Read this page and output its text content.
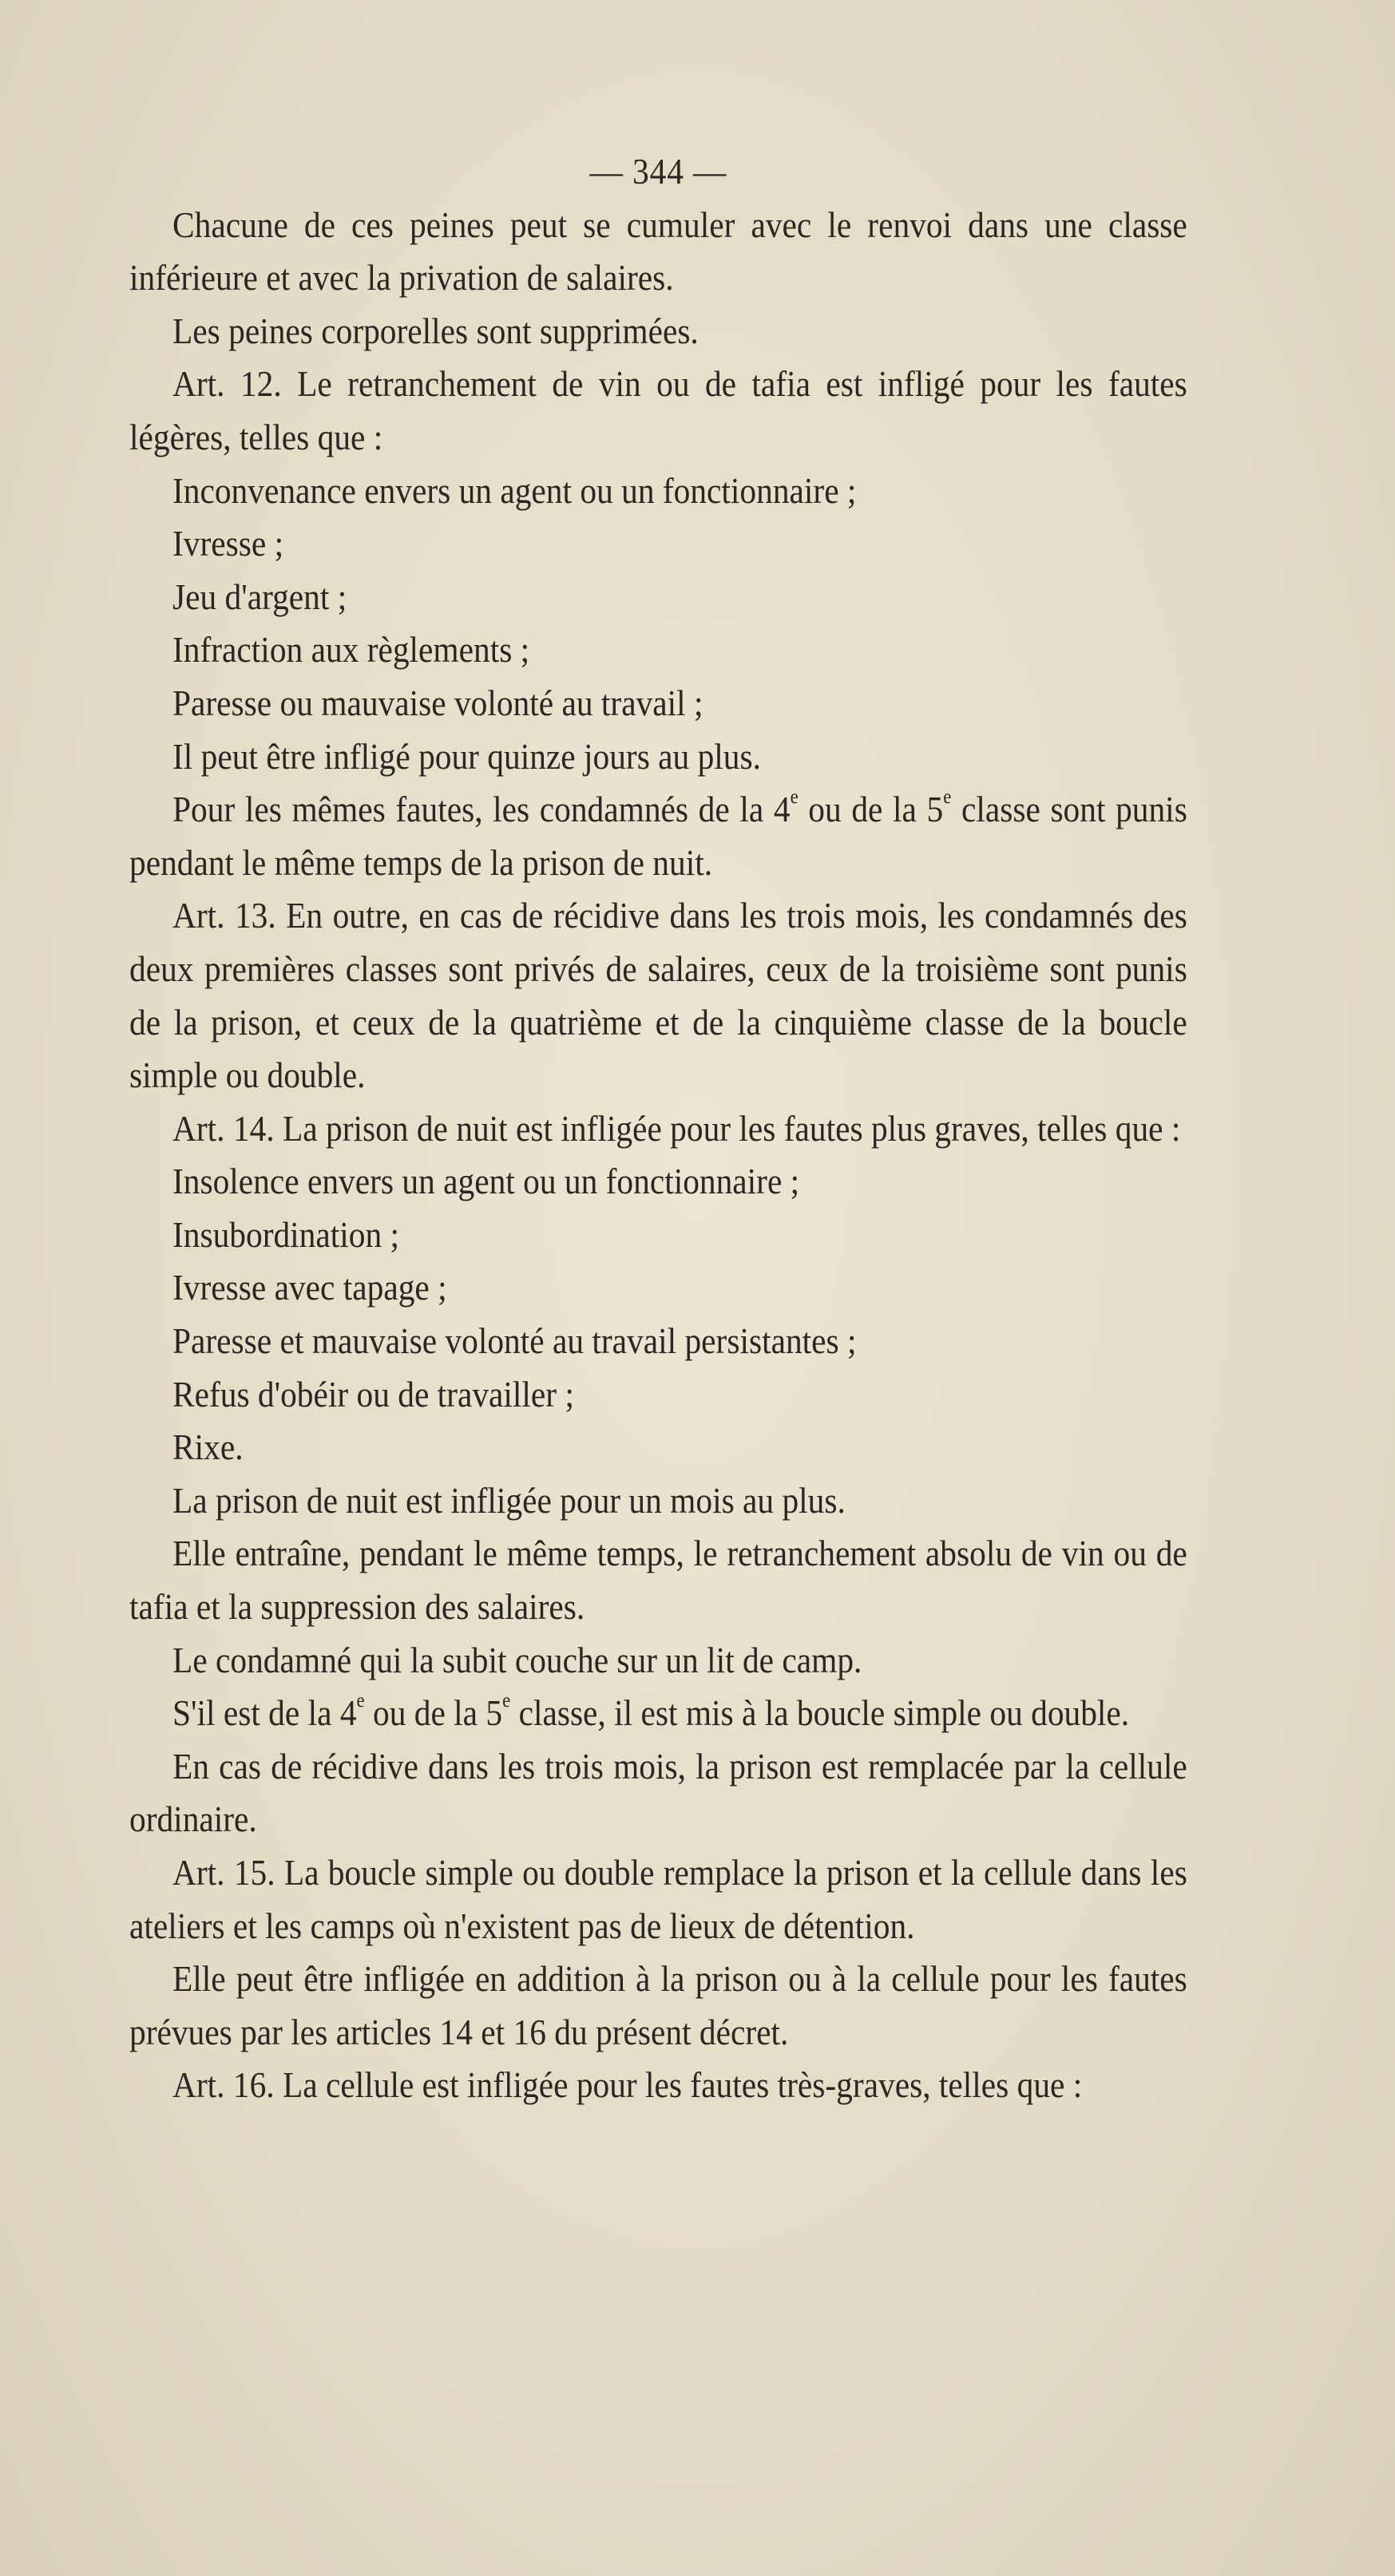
— 344 —

Chacune de ces peines peut se cumuler avec le renvoi dans une classe inférieure et avec la privation de salaires.

Les peines corporelles sont supprimées.

Art. 12. Le retranchement de vin ou de tafia est infligé pour les fautes légères, telles que :

Inconvenance envers un agent ou un fonctionnaire ;

Ivresse ;

Jeu d'argent ;

Infraction aux règlements ;

Paresse ou mauvaise volonté au travail ;

Il peut être infligé pour quinze jours au plus.

Pour les mêmes fautes, les condamnés de la 4e ou de la 5e classe sont punis pendant le même temps de la prison de nuit.

Art. 13. En outre, en cas de récidive dans les trois mois, les condamnés des deux premières classes sont privés de salaires, ceux de la troisième sont punis de la prison, et ceux de la quatrième et de la cinquième classe de la boucle simple ou double.

Art. 14. La prison de nuit est infligée pour les fautes plus graves, telles que :

Insolence envers un agent ou un fonctionnaire ;

Insubordination ;

Ivresse avec tapage ;

Paresse et mauvaise volonté au travail persistantes ;

Refus d'obéir ou de travailler ;

Rixe.

La prison de nuit est infligée pour un mois au plus.

Elle entraîne, pendant le même temps, le retranchement absolu de vin ou de tafia et la suppression des salaires.

Le condamné qui la subit couche sur un lit de camp.

S'il est de la 4e ou de la 5e classe, il est mis à la boucle simple ou double.

En cas de récidive dans les trois mois, la prison est remplacée par la cellule ordinaire.

Art. 15. La boucle simple ou double remplace la prison et la cellule dans les ateliers et les camps où n'existent pas de lieux de détention.

Elle peut être infligée en addition à la prison ou à la cellule pour les fautes prévues par les articles 14 et 16 du présent décret.

Art. 16. La cellule est infligée pour les fautes très-graves, telles que :
